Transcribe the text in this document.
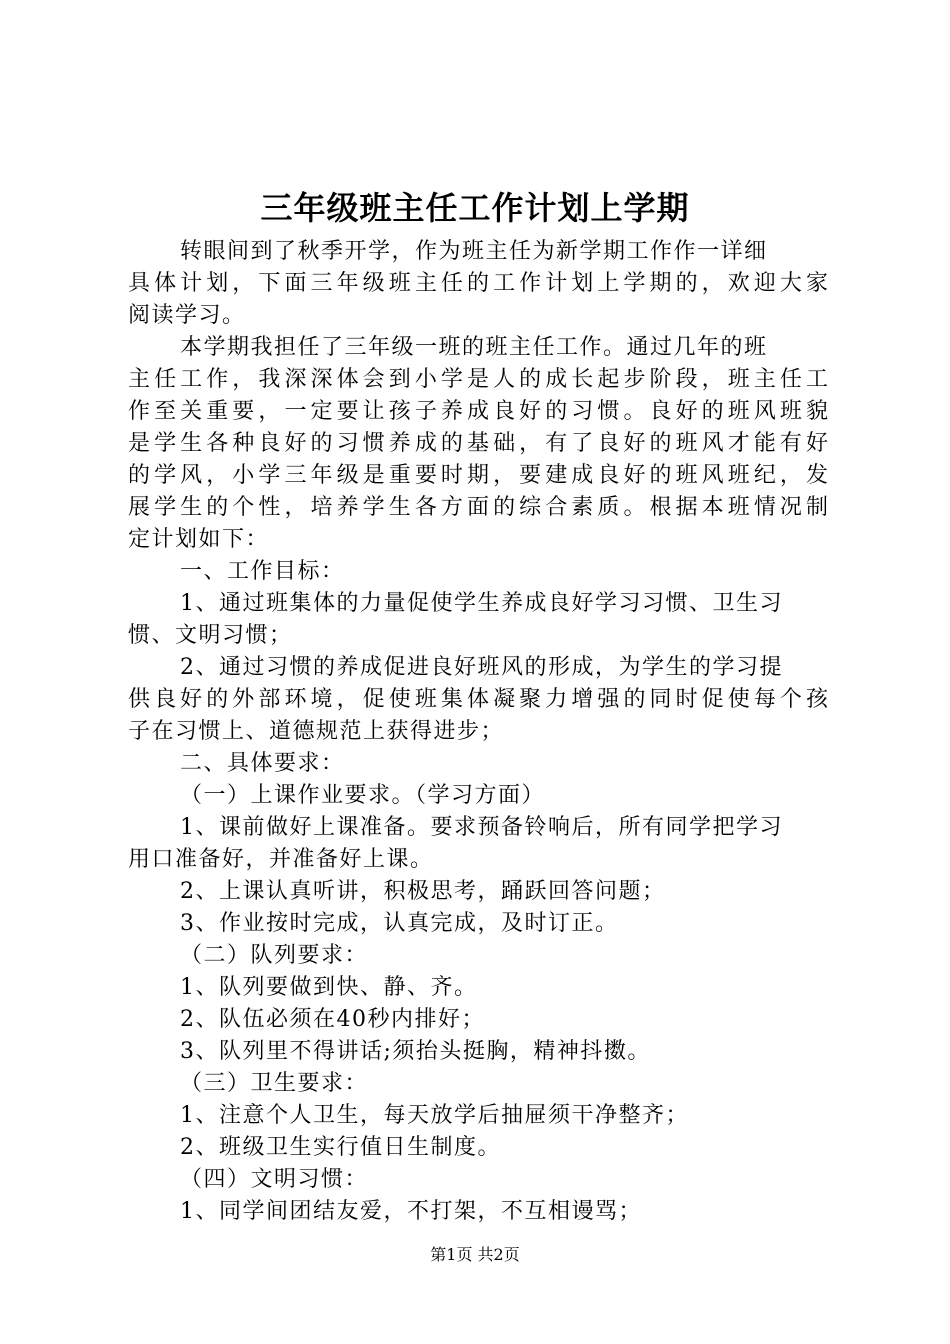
三年级班主任工作计划上学期
转眼间到了秋季开学，作为班主任为新学期工作作一详细
具体计划，下面三年级班主任的工作计划上学期的，欢迎大家
阅读学习。
本学期我担任了三年级一班的班主任工作。通过几年的班
主任工作，我深深体会到小学是人的成长起步阶段，班主任工
作至关重要，一定要让孩子养成良好的习惯。良好的班风班貌
是学生各种良好的习惯养成的基础，有了良好的班风才能有好
的学风，小学三年级是重要时期，要建成良好的班风班纪，发
展学生的个性，培养学生各方面的综合素质。根据本班情况制
定计划如下：
一、工作目标：
1、通过班集体的力量促使学生养成良好学习习惯、卫生习
惯、文明习惯；
2、通过习惯的养成促进良好班风的形成，为学生的学习提
供良好的外部环境，促使班集体凝聚力增强的同时促使每个孩
子在习惯上、道德规范上获得进步；
二、具体要求：
（一）上课作业要求。（学习方面）
1、课前做好上课准备。要求预备铃响后，所有同学把学习
用口准备好，并准备好上课。
2、上课认真听讲，积极思考，踊跃回答问题；
3、作业按时完成，认真完成，及时订正。
（二）队列要求：
1、队列要做到快、静、齐。
2、队伍必须在40秒内排好；
3、队列里不得讲话;须抬头挺胸，精神抖擞。
（三）卫生要求：
1、注意个人卫生，每天放学后抽屉须干净整齐；
2、班级卫生实行值日生制度。
（四）文明习惯：
1、同学间团结友爱，不打架，不互相谩骂；
第1页 共2页
